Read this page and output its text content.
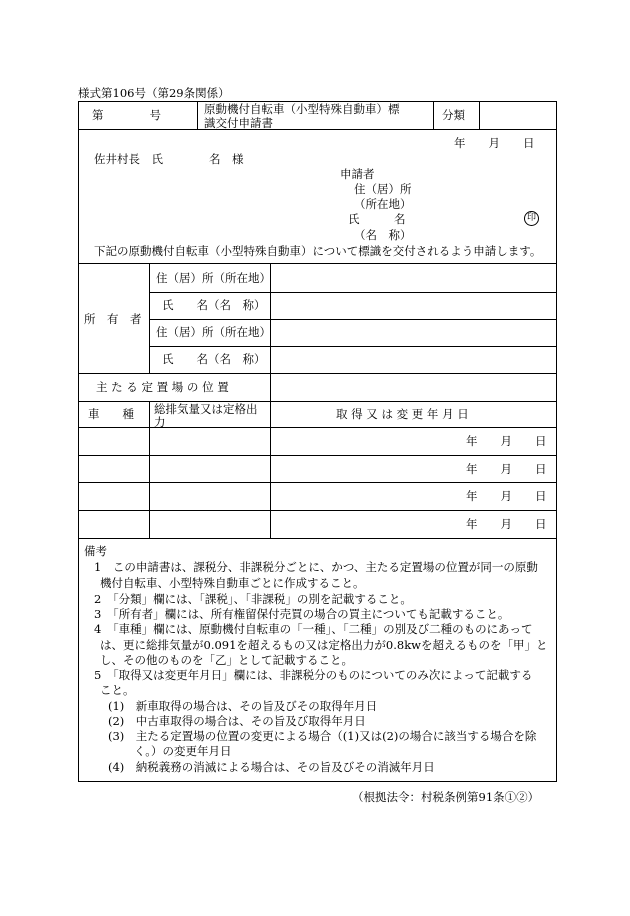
様式第106号（第29条関係）
第　　　　号	原動機付自転車（小型特殊自動車）標
識交付申請書
分類
年　　月　　日
佐井村長　氏　　　　名　様
申請者
住（居）所
（所在地）
氏　　　名	印
（名　称）
下記の原動機付自転車（小型特殊自動車）について標識を交付されるよう申請します。
所　有　者
住（居）所（所在地）
氏　　名（名　称）
住（居）所（所在地）
氏　　名（名　称）
主 た る 定 置 場 の 位 置
車　　種 総排気量又は定格出
力
取 得 又 は 変 更 年 月 日
年　　月　　日
年　　月　　日
年　　月　　日
年　　月　　日
備考
1　この申請書は、課税分、非課税分ごとに、かつ、主たる定置場の位置が同一の原動
機付自転車、小型特殊自動車ごとに作成すること。
2　「分類」欄には、「課税」、「非課税」の別を記載すること。
3　「所有者」欄には、所有権留保付売買の場合の買主についても記載すること。
4　「車種」欄には、原動機付自転車の「一種」、「二種」の別及び二種のものにあって
は、更に総排気量が0.091を超えるもの又は定格出力が0.8kwを超えるものを「甲」と
し、その他のものを「乙」として記載すること。
5　「取得又は変更年月日」欄には、非課税分のものについてのみ次によって記載する
こと。
(1)　新車取得の場合は、その旨及びその取得年月日
(2)　中古車取得の場合は、その旨及び取得年月日
(3)　主たる定置場の位置の変更による場合（(1)又は(2)の場合に該当する場合を除
く。）の変更年月日
(4)　納税義務の消滅による場合は、その旨及びその消滅年月日
（根拠法令：村税条例第91条①②）
